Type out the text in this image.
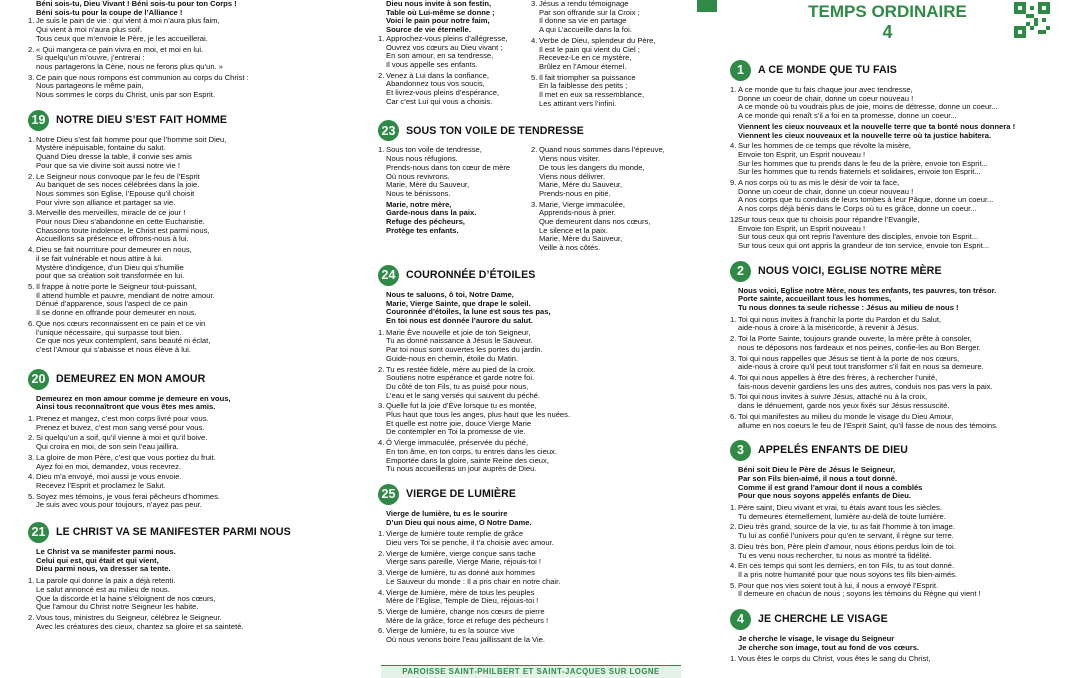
Béni sois-tu, Dieu Vivant ! Béni sois-tu pour ton Corps !
Béni sois-tu pour la coupe de l’Alliance !

1. Je suis le pain de vie : qui vient à moi n’aura plus faim,
Qui vient à moi n’aura plus soif.
Tous ceux que m’envoie le Père, je les accueillerai.
2. « Qui mangera ce pain vivra en moi, et moi en lui.
Si quelqu’un m’ouvre, j’entrerai :
nous partagerons la Cène, nous ne ferons plus qu’un. »
3. Ce pain que nous rompons est communion au corps du Christ :
Nous partageons le même pain,
Nous sommes le corps du Christ, unis par son Esprit.
19 NOTRE DIEU S’EST FAIT HOMME
1. Notre Dieu s’est fait homme pour que l’homme soit Dieu,
Mystère inépuisable, fontaine du salut.
Quand Dieu dresse la table, il convie ses amis
Pour que sa vie divine soit aussi notre vie !
2. Le Seigneur nous convoque par le feu de l’Esprit
Au banquet de ses noces célébrées dans la joie.
Nous sommes son Eglise, l’Epouse qu’il choisit
Pour vivre son alliance et partager sa vie.
3. Merveille des merveilles, miracle de ce jour !
Pour nous Dieu s’abandonne en cette Eucharistie.
Chassons toute indolence, le Christ est parmi nous,
Accueillons sa présence et offrons-nous à lui.
4. Dieu se fait nourriture pour demeurer en nous,
il se fait vulnérable et nous attire à lui.
Mystère d’indigence, d’un Dieu qui s’humilie
pour que sa création soit transformée en lui.
5. Il frappe à notre porte le Seigneur tout-puissant,
Il attend humble et pauvre, mendiant de notre amour.
Dénué d’apparence, sous l’aspect de ce pain
Il se donne en offrande pour demeurer en nous.
6. Que nos cœurs reconnaissent en ce pain et ce vin
l’unique nécessaire, qui surpasse tout bien.
Ce que nos yeux contemplent, sans beauté ni éclat,
c’est l’Amour qui s’abaisse et nous élève à lui.
20 DEMEUREZ EN MON AMOUR

Demeurez en mon amour comme je demeure en vous,
Ainsi tous reconnaîtront que vous êtes mes amis.

1. Prenez et mangez, c’est mon corps livré pour vous.
Prenez et buvez, c’est mon sang versé pour vous.
2. Si quelqu’un a soif, qu’il vienne à moi et qu’il boive.
Qui croira en moi, de son sein l’eau jaillira.
3. La gloire de mon Père, c’est que vous portiez du fruit.
Ayez foi en moi, demandez, vous recevrez.
4. Dieu m’a envoyé, moi aussi je vous envoie.
Recevez l’Esprit et proclamez le Salut.
5. Soyez mes témoins, je vous ferai pêcheurs d’hommes.
Je suis avec vous pour toujours, n’ayez pas peur.
21 LE CHRIST VA SE MANIFESTER PARMI NOUS

Le Christ va se manifester parmi nous.
Celui qui est, qui était et qui vient,
Dieu parmi nous, va dresser sa tente.

1. La parole qui donne la paix a déjà retenti.
Le salut annoncé est au milieu de nous.
Que la discorde et la haine s’éloignent de nos cœurs,
Que l’amour du Christ notre Seigneur les habite.
2. Vous tous, ministres du Seigneur, célébrez le Seigneur.
Avec les créatures des cieux, chantez sa gloire et sa sainteté.

Dieu nous invite à son festin,
Table où Lui-même se donne ;
Voici le pain pour notre faim,
Source de vie éternelle.

1. Approchez-vous pleins d’allégresse,
Ouvrez vos cœurs au Dieu vivant ;
En son amour, en sa tendresse,
Il vous appelle ses enfants.
2. Venez à Lui dans la confiance,
Abandonnez tous vos soucis,
Et livrez-vous pleins d’espérance,
Car c’est Lui qui vous a choisis.
3. Jésus a rendu témoignage
Par son offrande sur la Croix ;
Il donne sa vie en partage
A qui L’accueille dans la foi.
4. Verbe de Dieu, splendeur du Père,
Il est le pain qui vient du Ciel ;
Recevez-Le en ce mystère,
Brûlez en l’Amour éternel.
5. Il fait triompher sa puissance
En la faiblesse des petits ;
Il met en eux sa ressemblance,
Les attirant vers l’infini.
23 SOUS TON VOILE DE TENDRESSE
1. Sous ton voile de tendresse,
Nous nous réfugions.
Prends-nous dans ton cœur de mère
Où nous revivrons.
Marie, Mère du Sauveur,
Nous te bénissons.

Marie, notre mère,
Garde-nous dans la paix.
Refuge des pécheurs,
Protège tes enfants.

2. Quand nous sommes dans l’épreuve,
Viens nous visiter.
De tous les dangers du monde,
Viens nous délivrer.
Marie, Mère du Sauveur,
Prends-nous en pitié.
3. Marie, Vierge immaculée,
Apprends-nous à prier.
Que demeurent dans nos cœurs,
Le silence et la paix.
Marie, Mère du Sauveur,
Veille à nos côtés.
24 COURONNÉE D’ÉTOILES

Nous te saluons, ô toi, Notre Dame,
Marie, Vierge Sainte, que drape le soleil.
Couronnée d’étoiles, la lune est sous tes pas,
En toi nous est donnée l’aurore du salut.

1. Marie Ève nouvelle et joie de ton Seigneur,
Tu as donné naissance à Jésus le Sauveur.
Par toi nous sont ouvertes les portes du jardin.
Guide-nous en chemin, étoile du Matin.
2. Tu es restée fidèle, mère au pied de la croix.
Soutiens notre espérance et garde notre foi.
Du côté de ton Fils, tu as puisé pour nous,
L’eau et le sang versés qui sauvent du péché.
3. Quelle fut la joie d’Ève lorsque tu es montée,
Plus haut que tous les anges, plus haut que les nuées.
Et quelle est notre joie, douce Vierge Marie
De contempler en Toi la promesse de vie.
4. Ô Vierge immaculée, préservée du péché,
En ton âme, en ton corps, tu entres dans les cieux.
Emportée dans la gloire, sainte Reine des cieux,
Tu nous accueilleras un jour auprès de Dieu.
25 VIERGE DE LUMIÈRE

Vierge de lumière, tu es le sourire
D’un Dieu qui nous aime, O Notre Dame.

1. Vierge de lumière toute remplie de grâce
Dieu vers Toi se penche, il t’a choisie avec amour.
2. Vierge de lumière, vierge conçue sans tache
Vierge sans pareille, Vierge Marie, réjouis-toi !
3. Vierge de lumière, tu as donné aux hommes
Le Sauveur du monde : Il a pris chair en notre chair.
4. Vierge de lumière, mère de tous les peuples
Mère de l’Eglise, Temple de Dieu, réjouis-toi !
5. Vierge de lumière, change nos cœurs de pierre
Mère de la grâce, force et refuge des pécheurs !
6. Vierge de lumière, tu es la source vive
Où nous venons boire l’eau jaillissant de la Vie.
PAROISSE SAINT-PHILBERT ET SAINT-JACQUES SUR LOGNE
TEMPS ORDINAIRE
4
1	A CE MONDE QUE TU FAIS
1. A ce monde que tu fais chaque jour avec tendresse,
Donne un coeur de chair, donne un coeur nouveau !
A ce monde où tu voudrais plus de joie, moins de détresse, donne un coeur...
A ce monde qui renaît s’il a foi en ta promesse, donne un coeur...
Viennent les cieux nouveaux et la nouvelle terre que ta bonté nous donnera !
Viennent les cieux nouveaux et la nouvelle terre où ta justice habitera.
4. Sur les hommes de ce temps que révolte la misère,
Envoie ton Esprit, un Esprit nouveau !
Sur les hommes que tu prends dans le feu de la prière, envoie ton Esprit...
Sur les hommes que tu rends fraternels et solidaires, envoie ton Esprit...
9. A nos corps où tu as mis le désir de voir ta face,
Donne un coeur de chair, donne un coeur nouveau !
A nos corps que tu conduis de leurs tombes à leur Pâque, donne un coeur...
A nos corps déjà bénis dans le Corps où tu es grâce, donne un coeur...
12.
Sur tous ceux que tu choisis pour répandre l’Evangile,
Envoie ton Esprit, un Esprit nouveau !
Sur tous ceux qui ont repris l’aventure des disciples, envoie ton Esprit...
Sur tous ceux qui ont appris la grandeur de ton service, envoie ton Esprit...
2	NOUS VOICI, EGLISE NOTRE MÈRE

Nous voici, Eglise notre Mère, nous tes enfants, tes pauvres, ton trésor.
Porte sainte, accueillant tous les hommes,
Tu nous donnes ta seule richesse : Jésus au milieu de nous !

1. Toi qui nous invites à franchir la porte du Pardon et du Salut,
aide-nous à croire à la miséricorde, à revenir à Jésus.
2. Toi la Porte Sainte, toujours grande ouverte, la mère prête à consoler,
nous te déposons nos fardeaux et nos peines, confie-les au Bon Berger.
3. Toi qui nous rappelles que Jésus se tient à la porte de nos cœurs,
aide-nous à croire qu’il peut tout transformer s’il fait en nous sa demeure.
4. Toi qui nous appelles à être des frères, à rechercher l’unité,
fais-nous devenir gardiens les uns des autres, conduis nos pas vers la paix.
5. Toi qui nous invites à suivre Jésus, attaché nu à la croix,
dans le dénuement, garde nos yeux fixés sur Jésus ressuscité.
6. Toi qui manifestes au milieu du monde le visage du Dieu Amour,
allume en nos coeurs le feu de l’Esprit Saint, qu’il fasse de nous des témoins.
3	APPELÉS ENFANTS DE DIEU

Béni soit Dieu le Père de Jésus le Seigneur,
Par son Fils bien-aimé, il nous a tout donné.
Comme il est grand l’amour dont il nous a comblés
Pour que nous soyons appelés enfants de Dieu.

1. Père saint, Dieu vivant et vrai, tu étais avant tous les siècles.
Tu demeures éternellement, lumière au-delà de toute lumière.
2. Dieu très grand, source de la vie, tu as fait l’homme à ton image.
Tu lui as confié l’univers pour qu’en te servant, il règne sur terre.
3. Dieu très bon, Père plein d’amour, nous étions perdus loin de toi.
Tu es venu nous rechercher, tu nous as montré ta fidélité.
4. En ces temps qui sont les derniers, en ton Fils, tu as tout donné.
Il a pris notre humanité pour que nous soyons tes fils bien-aimés.
5. Pour que nos vies soient tout à lui, il nous a envoyé l’Esprit.
Il demeure en chacun de nous ; soyons les témoins du Règne qui vient !
4	JE CHERCHE LE VISAGE

Je cherche le visage, le visage du Seigneur
Je cherche son image, tout au fond de vos cœurs.

1. Vous êtes le corps du Christ, vous êtes le sang du Christ,
